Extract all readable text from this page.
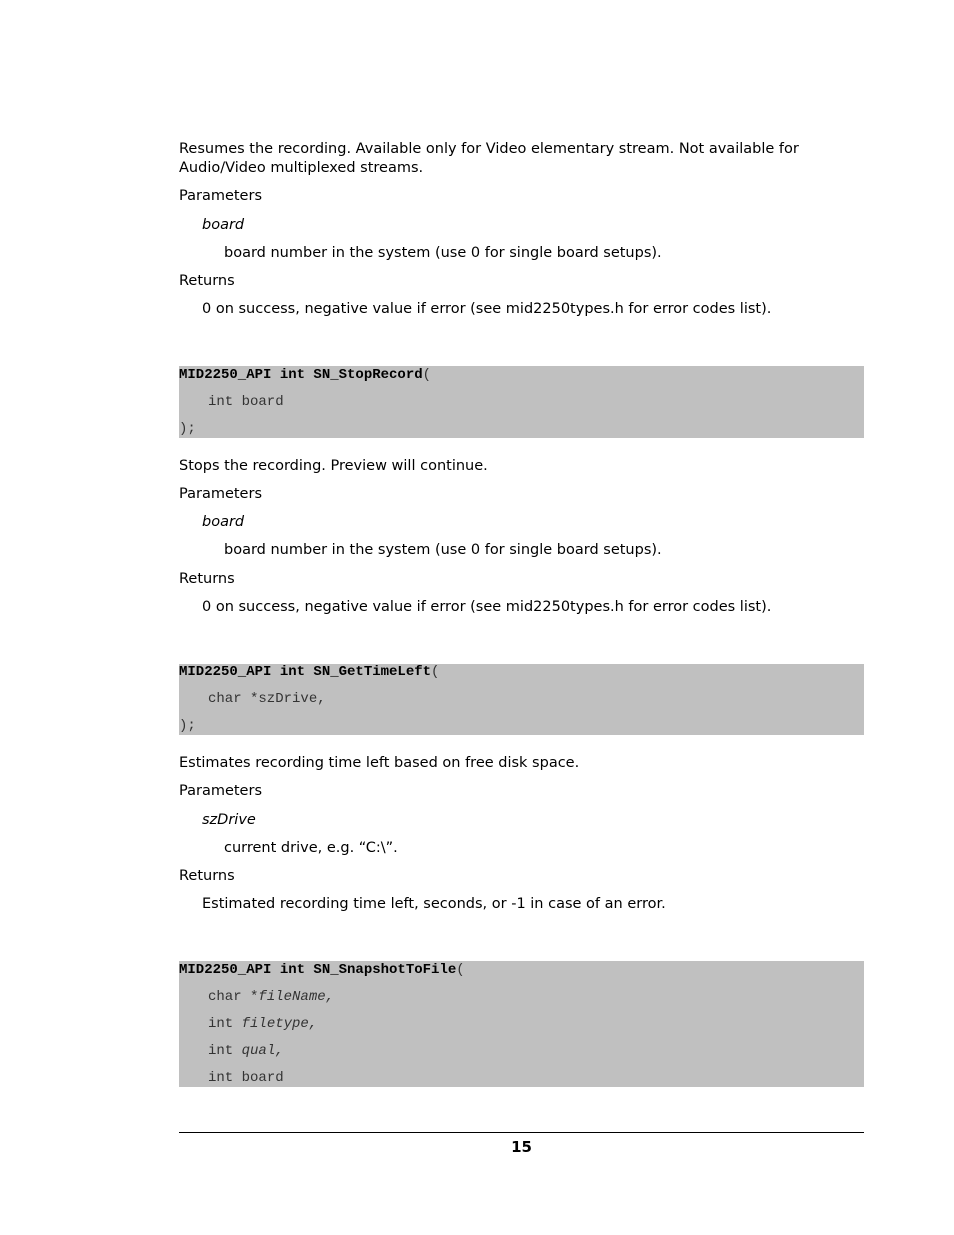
Resumes the recording. Available only for Video elementary stream. Not available for Audio/Video multiplexed streams.
Parameters
board
board number in the system (use 0 for single board setups).
Returns
0 on success, negative value if error (see mid2250types.h for error codes list).
MID2250_API int SN_StopRecord(
int board
);
Stops the recording. Preview will continue.
Parameters
board
board number in the system (use 0 for single board setups).
Returns
0 on success, negative value if error (see mid2250types.h for error codes list).
MID2250_API int SN_GetTimeLeft(
char *szDrive,
);
Estimates recording time left based on free disk space.
Parameters
szDrive
current drive, e.g. “C:\”.
Returns
Estimated recording time left, seconds, or -1 in case of an error.
MID2250_API int SN_SnapshotToFile(
char *fileName,
int filetype,
int qual,
int board
15
